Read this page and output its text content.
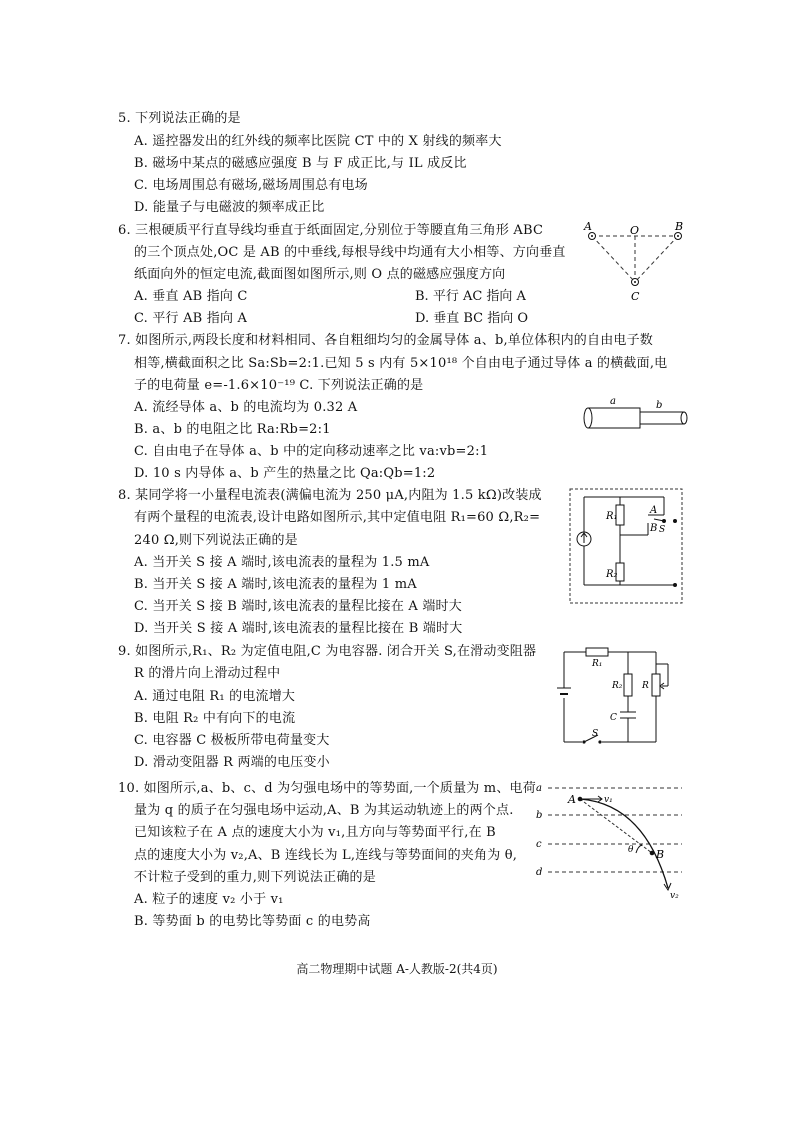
5. 下列说法正确的是
A. 遥控器发出的红外线的频率比医院 CT 中的 X 射线的频率大
B. 磁场中某点的磁感应强度 B 与 F 成正比,与 IL 成反比
C. 电场周围总有磁场,磁场周围总有电场
D. 能量子与电磁波的频率成正比
6. 三根硬质平行直导线均垂直于纸面固定,分别位于等腰直角三角形 ABC
的三个顶点处,OC 是 AB 的中垂线,每根导线中均通有大小相等、方向垂直
纸面向外的恒定电流,截面图如图所示,则 O 点的磁感应强度方向
A. 垂直 AB 指向 C	B. 平行 AC 指向 A
C. 平行 AB 指向 A	D. 垂直 BC 指向 O
A	O	B
C
7. 如图所示,两段长度和材料相同、各自粗细均匀的金属导体 a、b,单位体积内的自由电子数
相等,横截面积之比 Sa:Sb=2:1.已知 5 s 内有 5×10¹⁸ 个自由电子通过导体 a 的横截面,电
子的电荷量 e=-1.6×10⁻¹⁹ C. 下列说法正确的是
A. 流经导体 a、b 的电流均为 0.32 A
B. a、b 的电阻之比 Ra:Rb=2:1
C. 自由电子在导体 a、b 中的定向移动速率之比 va:vb=2:1
D. 10 s 内导体 a、b 产生的热量之比 Qa:Qb=1:2
a	b
8. 某同学将一小量程电流表(满偏电流为 250 μA,内阻为 1.5 kΩ)改装成
有两个量程的电流表,设计电路如图所示,其中定值电阻 R₁=60 Ω,R₂=
240 Ω,则下列说法正确的是
A. 当开关 S 接 A 端时,该电流表的量程为 1.5 mA
B. 当开关 S 接 A 端时,该电流表的量程为 1 mA
C. 当开关 S 接 B 端时,该电流表的量程比接在 A 端时大
D. 当开关 S 接 A 端时,该电流表的量程比接在 B 端时大
R₁
R₂
A
B S
9. 如图所示,R₁、R₂ 为定值电阻,C 为电容器. 闭合开关 S,在滑动变阻器
R 的滑片向上滑动过程中
A. 通过电阻 R₁ 的电流增大
B. 电阻 R₂ 中有向下的电流
C. 电容器 C 极板所带电荷量变大
D. 滑动变阻器 R 两端的电压变小
R₁
R₂ R
C
S
10. 如图所示,a、b、c、d 为匀强电场中的等势面,一个质量为 m、电荷
量为 q 的质子在匀强电场中运动,A、B 为其运动轨迹上的两个点.
已知该粒子在 A 点的速度大小为 v₁,且方向与等势面平行,在 B
点的速度大小为 v₂,A、B 连线长为 L,连线与等势面间的夹角为 θ,
不计粒子受到的重力,则下列说法正确的是
A. 粒子的速度 v₂ 小于 v₁
B. 等势面 b 的电势比等势面 c 的电势高
a
b
c
d
A
B
v₁
v₂
θ
高二物理期中试题 A-人教版-2(共4页)
